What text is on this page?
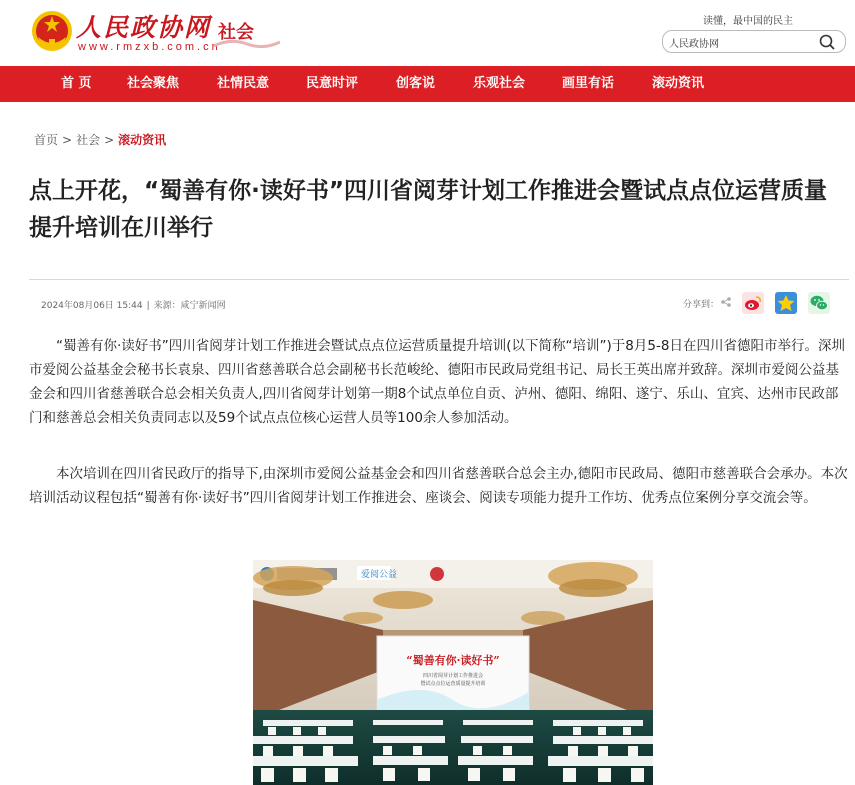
人民政协网
www.rmzxb.com.cn
社会
读懂，最中国的民主
人民政协网
首 页	社会聚焦	社情民意	民意时评	创客说	乐观社会	画里有话	滚动资讯
首页 > 社会 > 滚动资讯
点上开花，“蜀善有你·读好书”四川省阅芽计划工作推进会暨试点点位运营质量提升培训在川举行
2024年08月06日 15:44 | 来源：咸宁新闻网	分享到：

“蜀善有你·读好书”四川省阅芽计划工作推进会暨试点点位运营质量提升培训(以下简称“培训”)于8月5-8日在四川省德阳市举行。深圳市爱阅公益基金会秘书长袁泉、四川省慈善联合总会副秘书长范峻纶、德阳市民政局党组书记、局长王英出席并致辞。深圳市爱阅公益基金会和四川省慈善联合总会相关负责人,四川省阅芽计划第一期8个试点单位自贡、泸州、德阳、绵阳、遂宁、乐山、宜宾、达州市民政部门和慈善总会相关负责同志以及59个试点点位核心运营人员等100余人参加活动。

本次培训在四川省民政厅的指导下,由深圳市爱阅公益基金会和四川省慈善联合总会主办,德阳市民政局、德阳市慈善联合会承办。本次培训活动议程包括“蜀善有你·读好书”四川省阅芽计划工作推进会、座谈会、阅读专项能力提升工作坊、优秀点位案例分享交流会等。

爱阅公益
“蜀善有你·读好书”
四川省阅芽计划工作推进会
暨试点点位运营质量提升培训
